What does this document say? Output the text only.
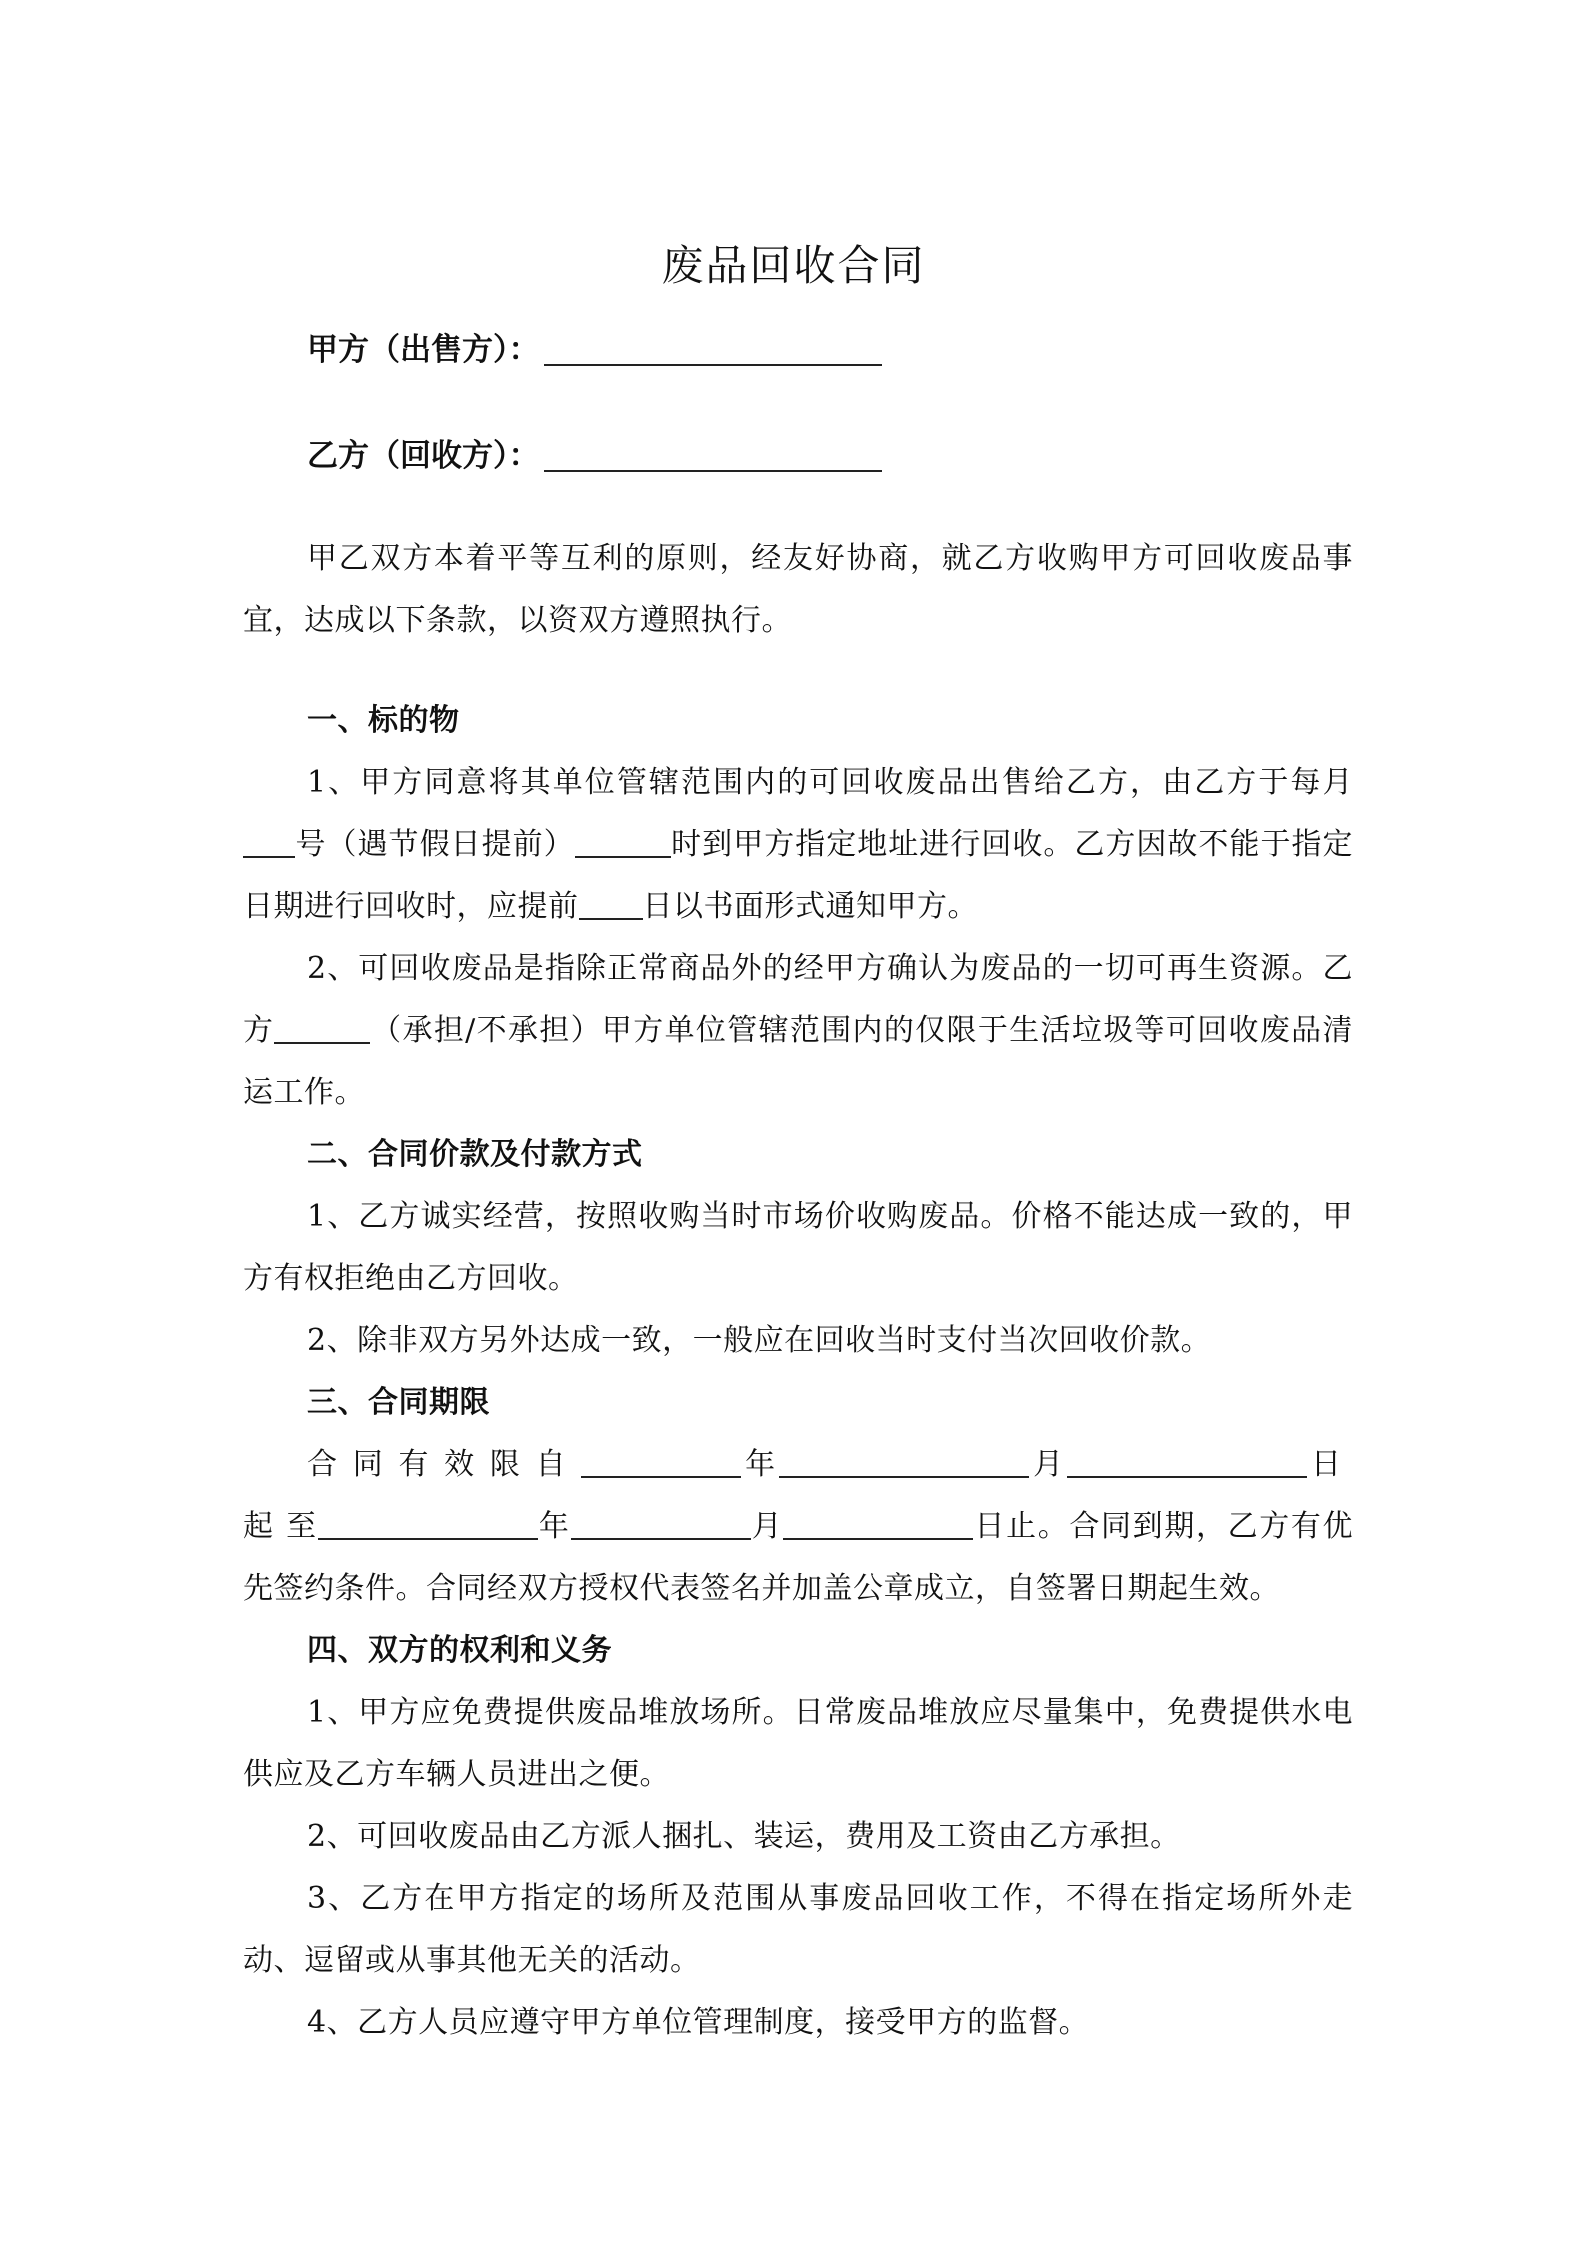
废品回收合同
甲方（出售方）：
乙方（回收方）：

甲乙双方本着平等互利的原则，经友好协商，就乙方收购甲方可回收废品事宜，达成以下条款，以资双方遵照执行。

一、标的物

1、甲方同意将其单位管辖范围内的可回收废品出售给乙方，由乙方于每月号（遇节假日提前）	时到甲方指定地址进行回收。乙方因故不能于指定日期进行回收时，应提前 日以书面形式通知甲方。

2、可回收废品是指除正常商品外的经甲方确认为废品的一切可再生资源。乙方	（承担/不承担）甲方单位管辖范围内的仅限于生活垃圾等可回收废品清运工作。

二、合同价款及付款方式

1、乙方诚实经营，按照收购当时市场价收购废品。价格不能达成一致的，甲方有权拒绝由乙方回收。

2、除非双方另外达成一致，一般应在回收当时支付当次回收价款。

三、合同期限

合同有效限自	年	月	日起至	年	月	日止。合同到期，乙方有优先签约条件。合同经双方授权代表签名并加盖公章成立，自签署日期起生效。

四、双方的权利和义务

1、甲方应免费提供废品堆放场所。日常废品堆放应尽量集中，免费提供水电供应及乙方车辆人员进出之便。

2、可回收废品由乙方派人捆扎、装运，费用及工资由乙方承担。

3、乙方在甲方指定的场所及范围从事废品回收工作，不得在指定场所外走动、逗留或从事其他无关的活动。

4、乙方人员应遵守甲方单位管理制度，接受甲方的监督。
